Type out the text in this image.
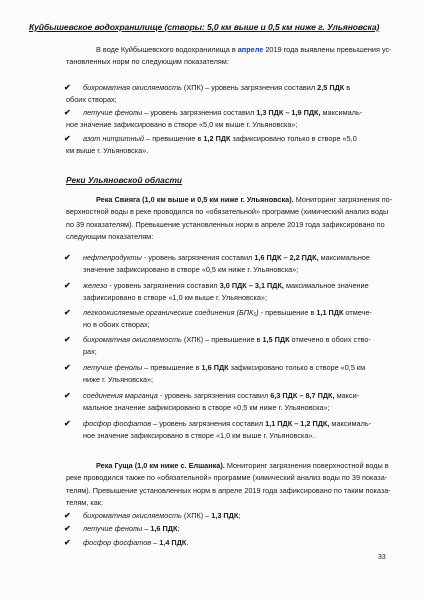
Куйбышевское водохранилище (створы: 5,0 км выше и 0,5 км ниже г. Ульяновска)
В воде Куйбышевского водохранилища в апреле 2019 года выявлены превышения ус-
тановленных норм по следующим показателям:
✔ бихроматная окисляемость (ХПК) – уровень загрязнения составил 2,5 ПДК в
обоих створах;
✔ летучие фенолы – уровень загрязнения составил 1,3 ПДК – 1,9 ПДК, максималь-
ное значение зафиксировано в створе «5,0 км выше г. Ульяновска»;
✔ азот нитритный – превышение в 1,2 ПДК зафиксировано только в створе «5,0
км выше г. Ульяновска».
Реки Ульяновской области
Река Свияга (1,0 км выше и 0,5 км ниже г. Ульяновска). Мониторинг загрязнения по-
верхностной воды в реке проводился по «обязательной» программе (химический анализ воды
по 39 показателям). Превышение установленных норм в апреле 2019 года зафиксировано по
следующим показателям:
✔ нефтепродукты - уровень загрязнения составил 1,6 ПДК – 2,2 ПДК, максимальное
значение зафиксировано в створе «0,5 км ниже г. Ульяновска»;
✔ железо - уровень загрязнения составил 3,0 ПДК – 3,1 ПДК, максимальное значение
зафиксировано в створе «1,0 км выше г. Ульяновска»;
✔ легкоокисляемые органические соединения (БПК₅) - превышение в 1,1 ПДК отмече-
но в обоих створах;
✔ бихроматная окисляемость (ХПК) – превышение в 1,5 ПДК отмечено в обоих ство-
рах;
✔ летучие фенолы – превышение в 1,6 ПДК зафиксировано только в створе «0,5 км
ниже г. Ульяновска»;
✔ соединения марганца - уровень загрязнения составил 6,3 ПДК – 8,7 ПДК, макси-
мальное значение зафиксировано в створе «0,5 км ниже г. Ульяновска»;
✔ фосфор фосфатов – уровень загрязнения составил 1,1 ПДК – 1,2 ПДК, максималь-
ное значение зафиксировано в створе «1,0 км выше г. Ульяновска».
Река Гуща (1,0 км ниже с. Елшанка). Мониторинг загрязнения поверхностной воды в
реке проводился также по «обязательной» программе (химический анализ воды по 39 показа-
телям). Превышение установленных норм в апреле 2019 года зафиксировано по таким показа-
телям, как:
✔ бихроматная окисляемость (ХПК) – 1,3 ПДК;
✔ летучие фенолы – 1,6 ПДК;
✔ фосфор фосфатов – 1,4 ПДК.
33
